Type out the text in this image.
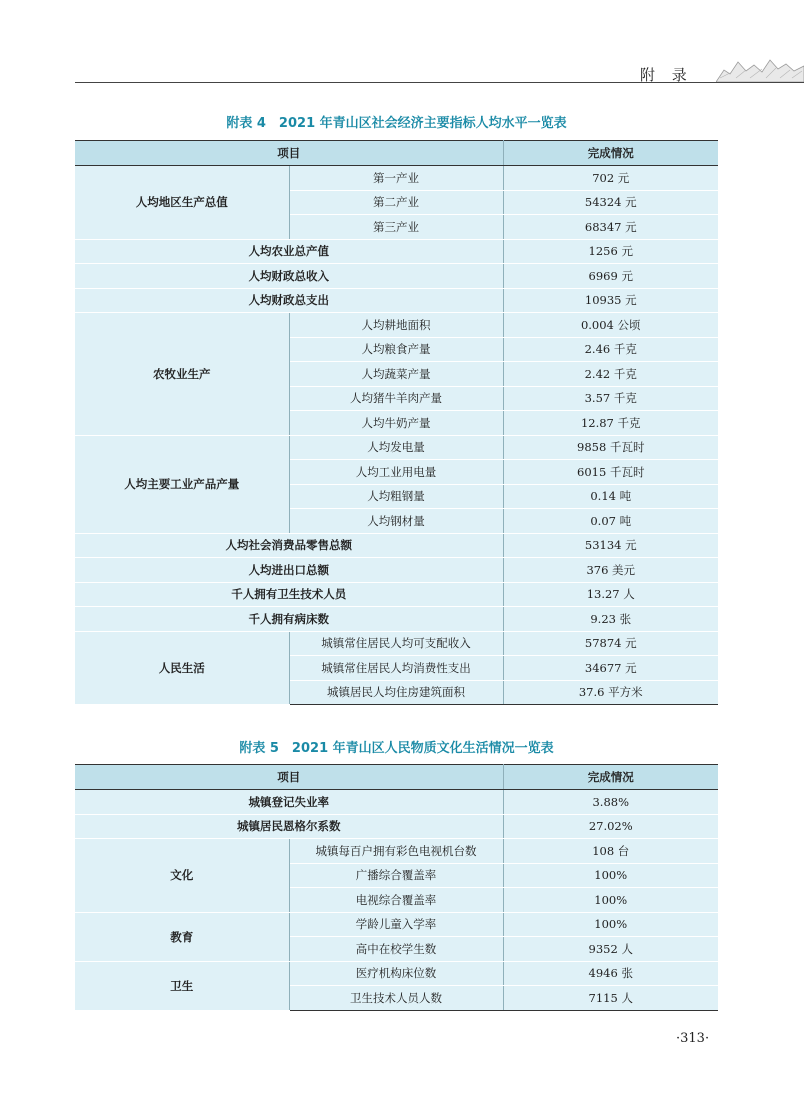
附 录
附表 4　2021 年青山区社会经济主要指标人均水平一览表
项目		完成情况
人均地区生产总值	第一产业	702 元
	第二产业	54324 元
	第三产业	68347 元
人均农业总产值		1256 元
人均财政总收入		6969 元
人均财政总支出		10935 元
农牧业生产	人均耕地面积	0.004 公顷
	人均粮食产量	2.46 千克
	人均蔬菜产量	2.42 千克
	人均猪牛羊肉产量	3.57 千克
	人均牛奶产量	12.87 千克
人均主要工业产品产量	人均发电量	9858 千瓦时
	人均工业用电量	6015 千瓦时
	人均粗钢量	0.14 吨
	人均钢材量	0.07 吨
人均社会消费品零售总额		53134 元
人均进出口总额		376 美元
千人拥有卫生技术人员		13.27 人
千人拥有病床数		9.23 张
人民生活	城镇常住居民人均可支配收入	57874 元
	城镇常住居民人均消费性支出	34677 元
	城镇居民人均住房建筑面积	37.6 平方米
附表 5　2021 年青山区人民物质文化生活情况一览表
项目		完成情况
城镇登记失业率		3.88%
城镇居民恩格尔系数		27.02%
文化	城镇每百户拥有彩色电视机台数	108 台
	广播综合覆盖率	100%
	电视综合覆盖率	100%
教育	学龄儿童入学率	100%
	高中在校学生数	9352 人
卫生	医疗机构床位数	4946 张
	卫生技术人员人数	7115 人
·313·
